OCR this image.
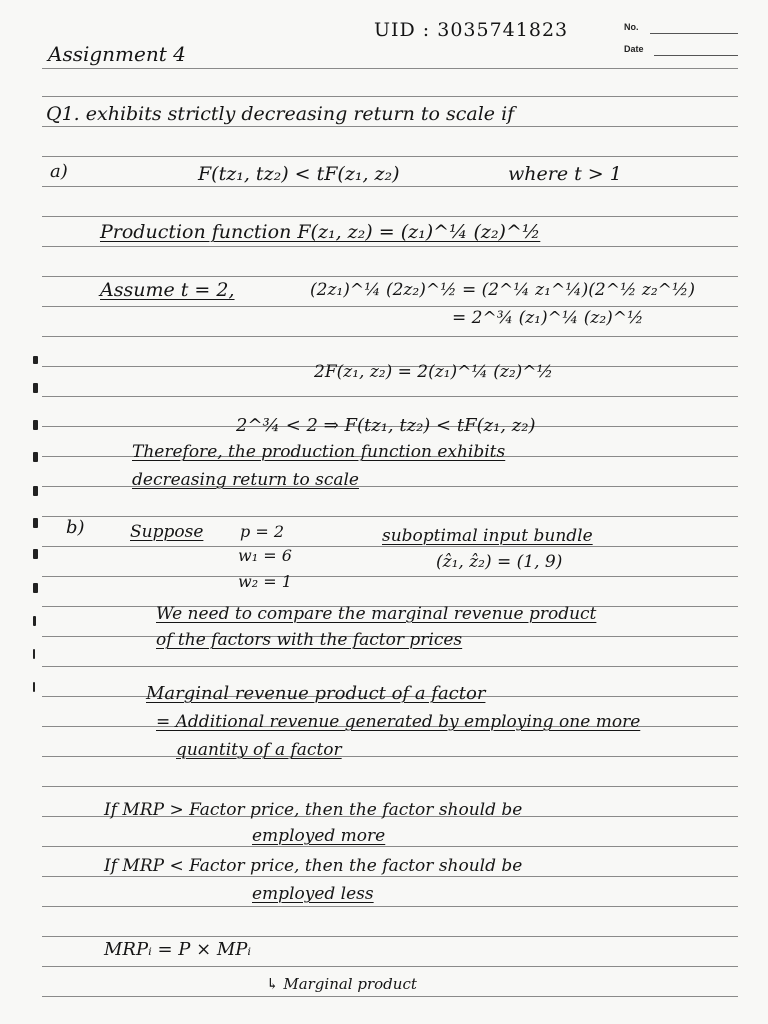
UID : 3035741823	No.
Date
Assignment 4
Q1. exhibits strictly decreasing return to scale if
a)	F(tz₁, tz₂) < tF(z₁, z₂)	where t > 1
Production function F(z₁, z₂) = (z₁)^¼ (z₂)^½
Assume t = 2,	(2z₁)^¼ (2z₂)^½ = (2^¼ z₁^¼)(2^½ z₂^½)
= 2^¾ (z₁)^¼ (z₂)^½
2F(z₁, z₂) = 2(z₁)^¼ (z₂)^½
2^¾ < 2 ⇒ F(tz₁, tz₂) < tF(z₁, z₂)
Therefore, the production function exhibits
decreasing return to scale
b)	Suppose p = 2
w₁ = 6
w₂ = 1
suboptimal input bundle
(ẑ₁, ẑ₂) = (1, 9)
We need to compare the marginal revenue product
of the factors with the factor prices
Marginal revenue product of a factor
= Additional revenue generated by employing one more
quantity of a factor
If MRP > Factor price, then the factor should be
employed more
If MRP < Factor price, then the factor should be
employed less
MRPᵢ = P × MPᵢ
↳ Marginal product
